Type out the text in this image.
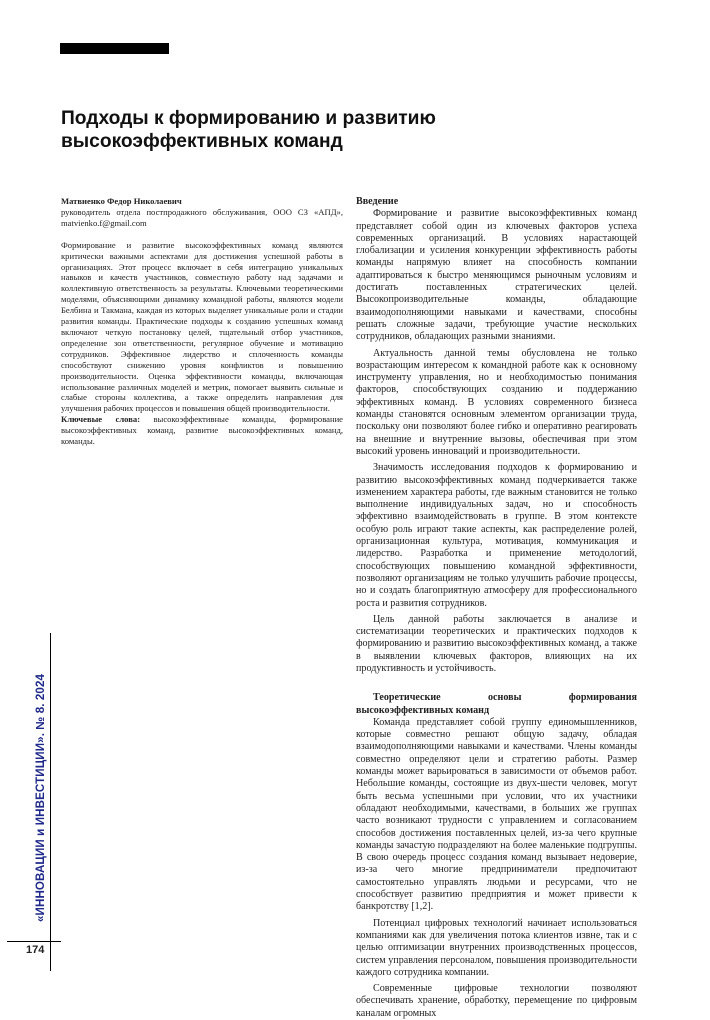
Подходы к формированию и развитию высокоэффективных команд

Матвиенко Федор Николаевич

руководитель отдела постпродажного обслуживания, ООО СЗ «АПД», matvienko.f@gmail.com

Формирование и развитие высокоэффективных команд являются критически важными аспектами для достижения успешной работы в организациях. Этот процесс включает в себя интеграцию уникальных навыков и качеств участников, совместную работу над задачами и коллективную ответственность за результаты. Ключевыми теоретическими моделями, объясняющими динамику командной работы, являются модели Белбина и Такмана, каждая из которых выделяет уникальные роли и стадии развития команды. Практические подходы к созданию успешных команд включают четкую постановку целей, тщательный отбор участников, определение зон ответственности, регулярное обучение и мотивацию сотрудников. Эффективное лидерство и сплоченность команды способствуют снижению уровня конфликтов и повышению производительности. Оценка эффективности команды, включающая использование различных моделей и метрик, помогает выявить сильные и слабые стороны коллектива, а также определить направления для улучшения рабочих процессов и повышения общей производительности.

Ключевые слова: высокоэффективные команды, формирование высокоэффективных команд, развитие высокоэффективных команд, команды.

Введение

Формирование и развитие высокоэффективных команд представляет собой один из ключевых факторов успеха современных организаций. В условиях нарастающей глобализации и усиления конкуренции эффективность работы команды напрямую влияет на способность компании адаптироваться к быстро меняющимся рыночным условиям и достигать поставленных стратегических целей. Высокопроизводительные команды, обладающие взаимодополняющими навыками и качествами, способны решать сложные задачи, требующие участие нескольких сотрудников, обладающих разными знаниями.

Актуальность данной темы обусловлена не только возрастающим интересом к командной работе как к основному инструменту управления, но и необходимостью понимания факторов, способствующих созданию и поддержанию эффективных команд. В условиях современного бизнеса команды становятся основным элементом организации труда, поскольку они позволяют более гибко и оперативно реагировать на внешние и внутренние вызовы, обеспечивая при этом высокий уровень инноваций и производительности.

Значимость исследования подходов к формированию и развитию высокоэффективных команд подчеркивается также изменением характера работы, где важным становится не только выполнение индивидуальных задач, но и способность эффективно взаимодействовать в группе. В этом контексте особую роль играют такие аспекты, как распределение ролей, организационная культура, мотивация, коммуникация и лидерство. Разработка и применение методологий, способствующих повышению командной эффективности, позволяют организациям не только улучшить рабочие процессы, но и создать благоприятную атмосферу для профессионального роста и развития сотрудников.

Цель данной работы заключается в анализе и систематизации теоретических и практических подходов к формированию и развитию высокоэффективных команд, а также в выявлении ключевых факторов, влияющих на их продуктивность и устойчивость.

Теоретические основы формирования высокоэффективных команд

Команда представляет собой группу единомышленников, которые совместно решают общую задачу, обладая взаимодополняющими навыками и качествами. Члены команды совместно определяют цели и стратегию работы. Размер команды может варьироваться в зависимости от объемов работ. Небольшие команды, состоящие из двух-шести человек, могут быть весьма успешными при условии, что их участники обладают необходимыми, качествами, в больших же группах часто возникают трудности с управлением и согласованием способов достижения поставленных целей, из-за чего крупные команды зачастую подразделяют на более маленькие подгруппы. В свою очередь процесс создания команд вызывает недоверие, из-за чего многие предприниматели предпочитают самостоятельно управлять людьми и ресурсами, что не способствует развитию предприятия и может привести к банкротству [1,2].

Потенциал цифровых технологий начинает использоваться компаниями как для увеличения потока клиентов извне, так и с целью оптимизации внутренних производственных процессов, систем управления персоналом, повышения производительности каждого сотрудника компании.

Современные цифровые технологии позволяют обеспечивать хранение, обработку, перемещение по цифровым каналам огромных

«ИННОВАЦИИ и ИНВЕСТИЦИИ». № 8. 2024
174
